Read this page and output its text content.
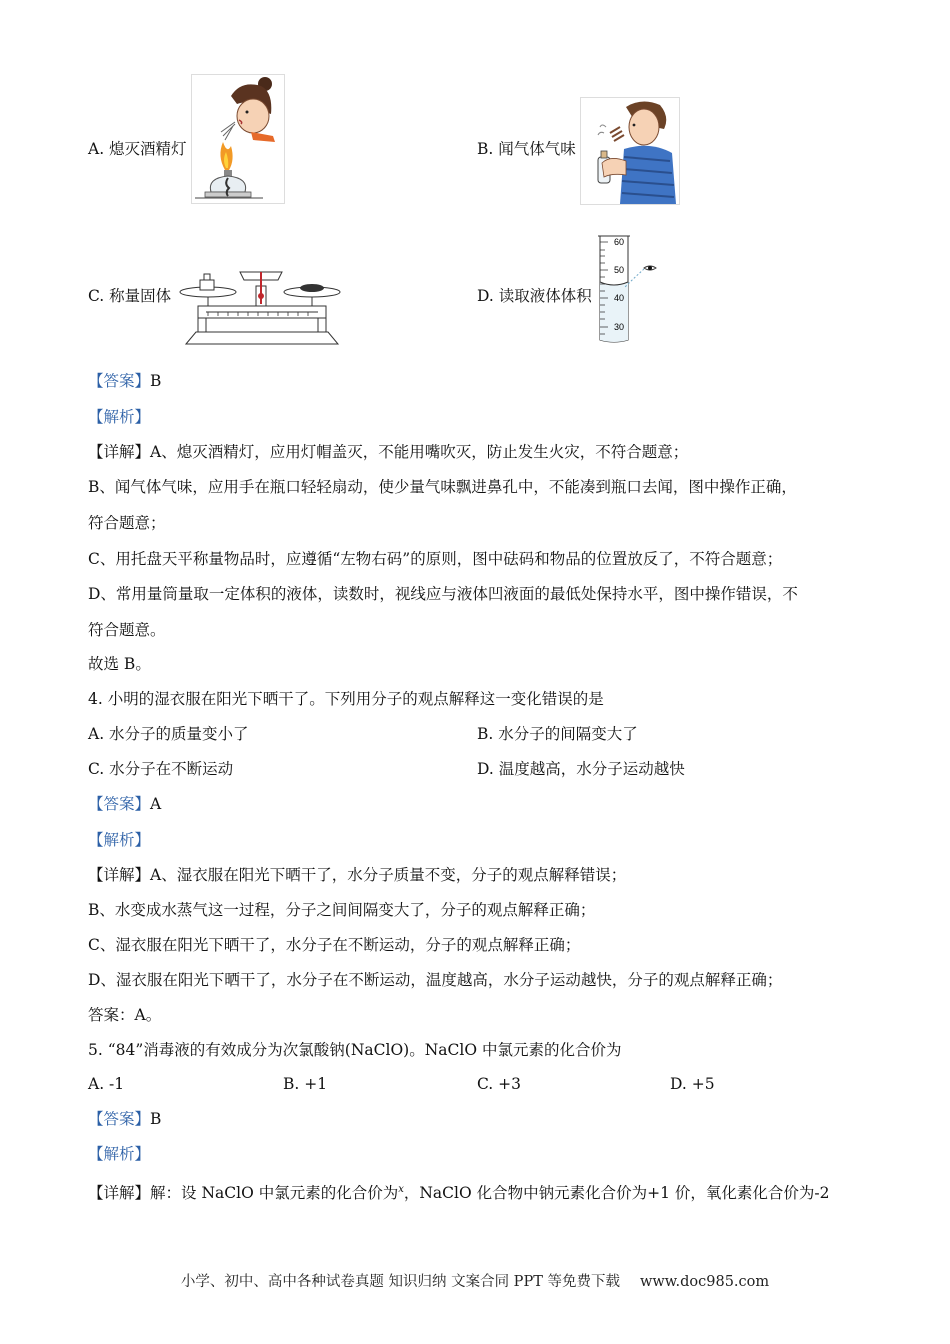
A. 熄灭酒精灯	B. 闻气体气味
C. 称量固体	D. 读取液体体积
60
50
40
30
【答案】B
【解析】
【详解】A、熄灭酒精灯，应用灯帽盖灭，不能用嘴吹灭，防止发生火灾，不符合题意；
B、闻气体气味，应用手在瓶口轻轻扇动，使少量气味飘进鼻孔中，不能凑到瓶口去闻，图中操作正确，
符合题意；
C、用托盘天平称量物品时，应遵循“左物右码”的原则，图中砝码和物品的位置放反了，不符合题意；
D、常用量筒量取一定体积的液体，读数时，视线应与液体凹液面的最低处保持水平，图中操作错误，不
符合题意。
故选 B。
4. 小明的湿衣服在阳光下晒干了。下列用分子的观点解释这一变化错误的是
A. 水分子的质量变小了	B. 水分子的间隔变大了
C. 水分子在不断运动	D. 温度越高，水分子运动越快
【答案】A
【解析】
【详解】A、湿衣服在阳光下晒干了，水分子质量不变，分子的观点解释错误；
B、水变成水蒸气这一过程，分子之间间隔变大了，分子的观点解释正确；
C、湿衣服在阳光下晒干了，水分子在不断运动，分子的观点解释正确；
D、湿衣服在阳光下晒干了，水分子在不断运动，温度越高，水分子运动越快，分子的观点解释正确；
答案：A。
5. “84”消毒液的有效成分为次氯酸钠(NaClO)。NaClO 中氯元素的化合价为
A. -1	B. +1	C. +3	D. +5
【答案】B
【解析】
【详解】解：设 NaClO 中氯元素的化合价为$^x$，NaClO 化合物中钠元素化合价为+1 价，氧化素化合价为-2
小学、初中、高中各种试卷真题 知识归纳 文案合同 PPT 等免费下载 www.doc985.com
